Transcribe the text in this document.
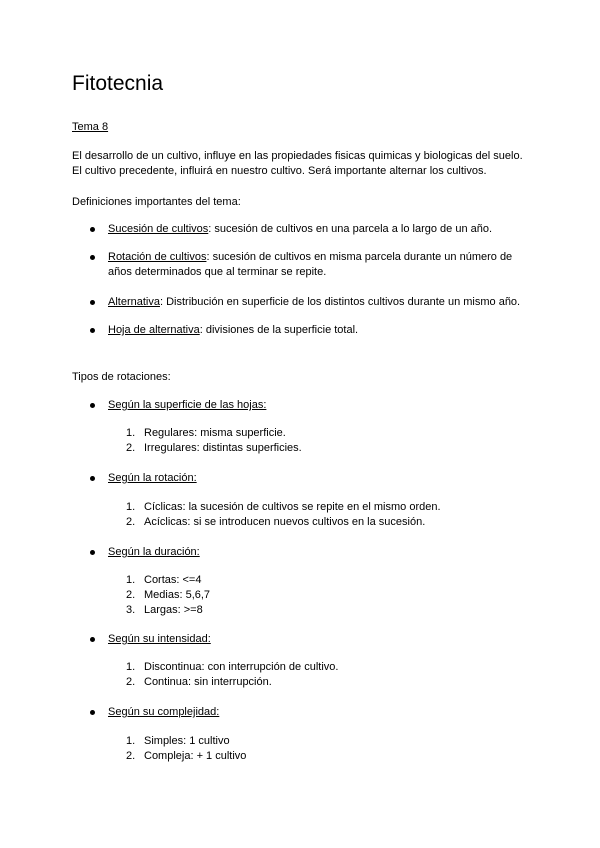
Fitotecnia
Tema 8
El desarrollo de un cultivo, influye en las propiedades fisicas quimicas y biologicas del suelo.
El cultivo precedente, influirá en nuestro cultivo. Será importante alternar los cultivos.
Definiciones importantes del tema:
Sucesión de cultivos: sucesión de cultivos en una parcela a lo largo de un año.
Rotación de cultivos: sucesión de cultivos en misma parcela durante un número de
años determinados que al terminar se repite.
Alternativa: Distribución en superficie de los distintos cultivos durante un mismo año.
Hoja de alternativa: divisiones de la superficie total.
Tipos de rotaciones:
Según la superficie de las hojas:
1. Regulares: misma superficie.
2. Irregulares: distintas superficies.
Según la rotación:
1. Cíclicas: la sucesión de cultivos se repite en el mismo orden.
2. Acíclicas: si se introducen nuevos cultivos en la sucesión.
Según la duración:
1. Cortas: <=4
2. Medias: 5,6,7
3. Largas: >=8
Según su intensidad:
1. Discontinua: con interrupción de cultivo.
2. Continua: sin interrupción.
Según su complejidad:
1. Simples: 1 cultivo
2. Compleja: + 1 cultivo
